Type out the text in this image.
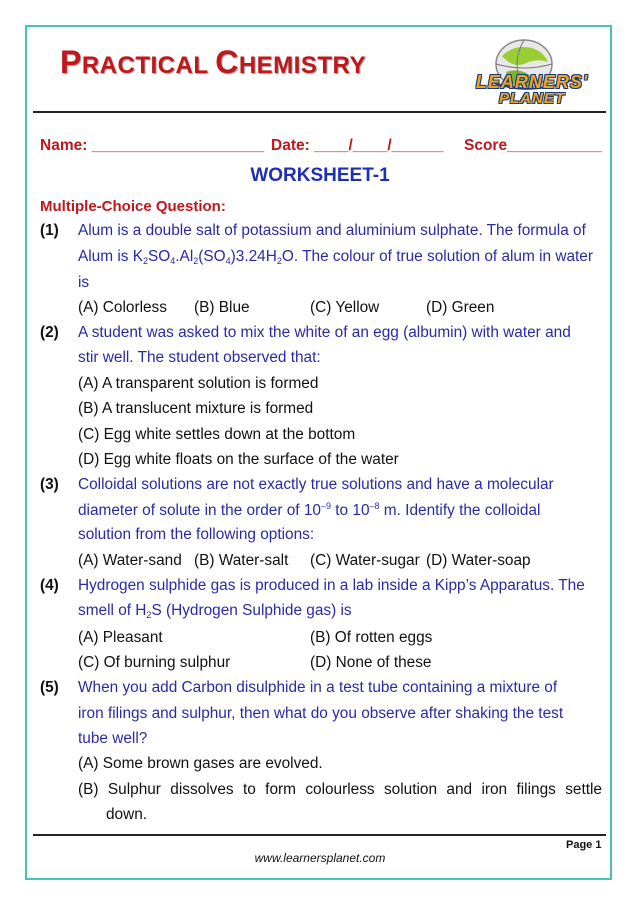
PRACTICAL CHEMISTRY
LEARNERS'
PLANET
Name: ____________________ Date: ____/____/______ Score___________
WORKSHEET-1
Multiple-Choice Question:
(1) Alum is a double salt of potassium and aluminium sulphate. The formula of
Alum is $K_2SO_4.Al_2(SO_4)3.24H_2O$. The colour of true solution of alum in water
is
(A) Colorless (B) Blue	(C) Yellow	(D) Green
(2) A student was asked to mix the white of an egg (albumin) with water and
stir well. The student observed that:
(A) A transparent solution is formed
(B) A translucent mixture is formed
(C) Egg white settles down at the bottom
(D) Egg white floats on the surface of the water
(3) Colloidal solutions are not exactly true solutions and have a molecular
diameter of solute in the order of $10^{-9}$ to $10^{-8}$ m. Identify the colloidal
solution from the following options:
(A) Water-sand (B) Water-salt (C) Water-sugar (D) Water-soap
(4) Hydrogen sulphide gas is produced in a lab inside a Kipp’s Apparatus. The
smell of $H_2S$ (Hydrogen Sulphide gas) is
(A) Pleasant	(B) Of rotten eggs
(C) Of burning sulphur	(D) None of these
(5) When you add Carbon disulphide in a test tube containing a mixture of
iron filings and sulphur, then what do you observe after shaking the test
tube well?
(A) Some brown gases are evolved.
(B) Sulphur dissolves to form colourless solution and iron filings settle
down.
Page 1
www.learnersplanet.com
